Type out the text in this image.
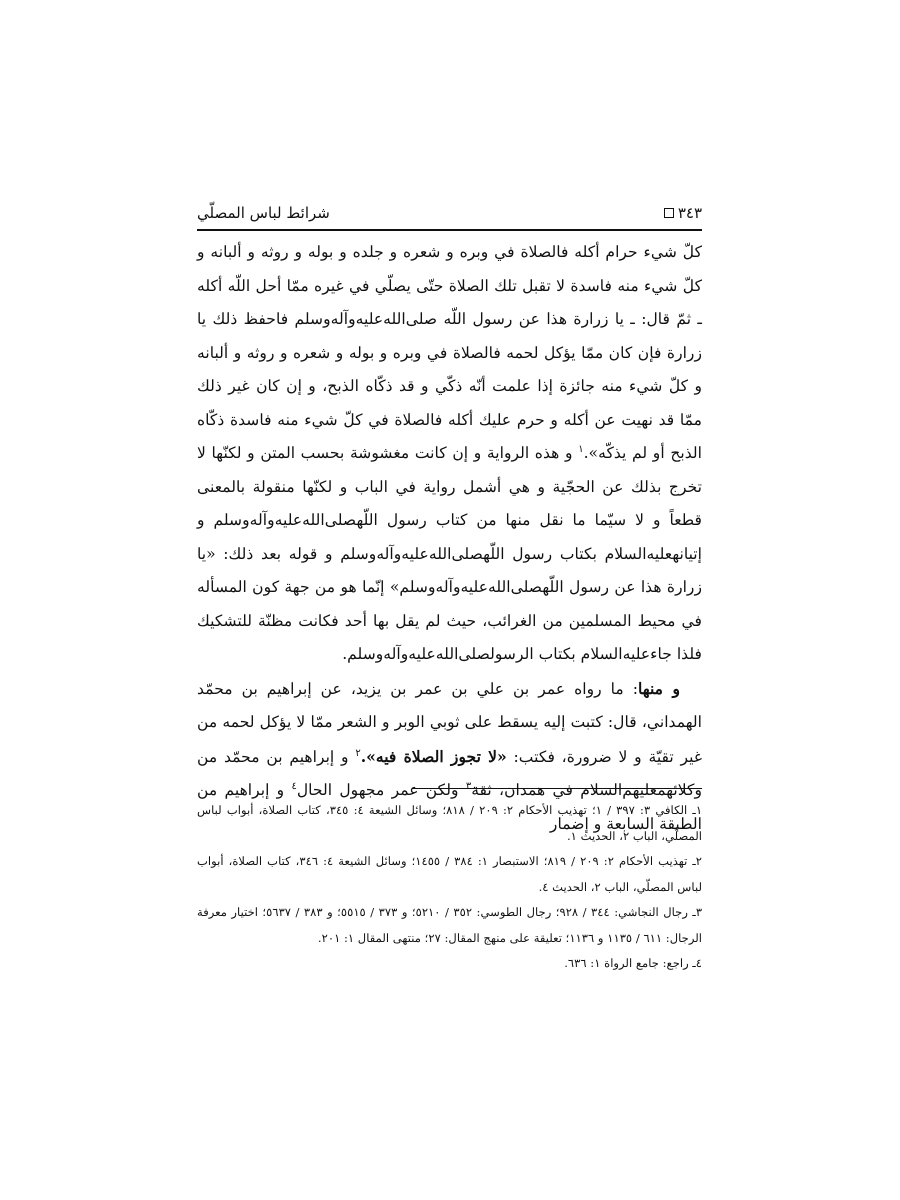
شرائط لباس المصلّي	٣٤٣

كلّ شيء حرام أكله فالصلاة في وبره و شعره و جلده و بوله و روثه و ألبانه و كلّ شيء منه فاسدة لا تقبل تلك الصلاة حتّى يصلّي في غيره ممّا أحل اللّه أكله ـ ثمّ قال: ـ يا زرارة هذا عن رسول اللّه صلی‌الله‌علیه‌وآله‌وسلم فاحفظ ذلك يا زرارة فإن كان ممّا يؤكل لحمه فالصلاة في وبره و بوله و شعره و روثه و ألبانه و كلّ شيء منه جائزة إذا علمت أنّه ذكّي و قد ذكّاه الذبح، و إن كان غير ذلك ممّا قد نهيت عن أكله و حرم عليك أكله فالصلاة في كلّ شيء منه فاسدة ذكّاه الذبح أو لم يذكّه».$^١$ و هذه الرواية و إن كانت مغشوشة بحسب المتن و لكنّها لا تخرج بذلك عن الحجّية و هي أشمل رواية في الباب و لكنّها منقولة بالمعنى قطعاً و لا سيّما ما نقل منها من كتاب رسول اللّهصلی‌الله‌علیه‌وآله‌وسلم و إتيانهعليه‌السلام بكتاب رسول اللّهصلی‌الله‌علیه‌وآله‌وسلم و قوله بعد ذلك: «يا زرارة هذا عن رسول اللّهصلی‌الله‌علیه‌وآله‌وسلم» إنّما هو من جهة كون المسأله في محيط المسلمين من الغرائب، حيث لم يقل بها أحد فكانت مظنّة للتشكيك فلذا جاءعليه‌السلام بكتاب الرسولصلی‌الله‌علیه‌وآله‌وسلم.

و منها: ما رواه عمر بن علي بن عمر بن يزيد، عن إبراهيم بن محمّد الهمداني، قال: كتبت إليه يسقط على ثوبي الوبر و الشعر ممّا لا يؤكل لحمه من غير تقيّة و لا ضرورة، فكتب: «لا تجوز الصلاة فيه».$^٢$ و إبراهيم بن محمّد من وكلائهمعليهم‌السلام في همدان، ثقة$^٣$ ولكن عمر مجهول الحال$^٤$ و إبراهيم من الطبقة السابعة و إضمار

١ـ الكافي ٣: ٣٩٧ / ١؛ تهذيب الأحكام ٢: ٢٠٩ / ٨١٨؛ وسائل الشيعة ٤: ٣٤٥، كتاب الصلاة، أبواب لباس المصلّي، الباب ٢، الحديث ١.

٢ـ تهذيب الأحكام ٢: ٢٠٩ / ٨١٩؛ الاستبصار ١: ٣٨٤ / ١٤٥٥؛ وسائل الشيعة ٤: ٣٤٦، كتاب الصلاة، أبواب لباس المصلّي، الباب ٢، الحديث ٤.

٣ـ رجال النجاشي: ٣٤٤ / ٩٢٨؛ رجال الطوسي: ٣٥٢ / ٥٢١٠؛ و ٣٧٣ / ٥٥١٥؛ و ٣٨٣ / ٥٦٣٧؛ اختيار معرفة الرجال: ٦١١ / ١١٣٥ و ١١٣٦؛ تعليقة على منهج المقال: ٢٧؛ منتهى المقال ١: ٢٠١.

٤ـ راجع: جامع الرواة ١: ٦٣٦.
